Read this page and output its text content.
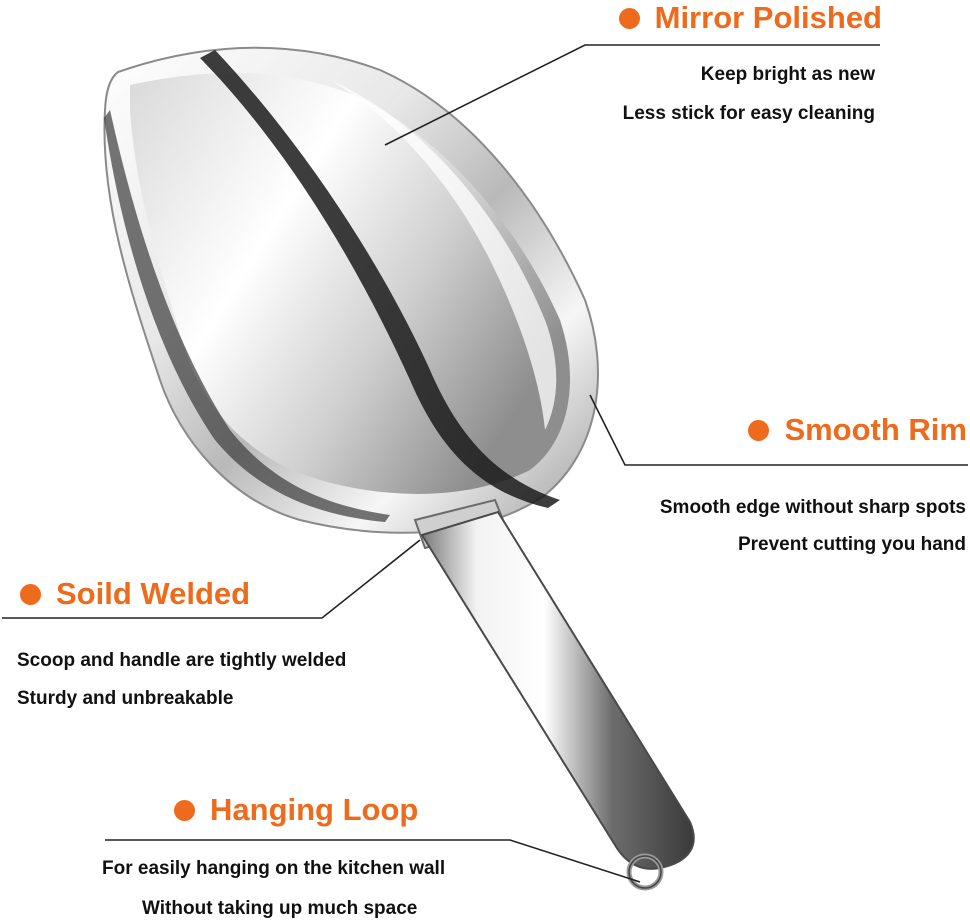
Mirror Polished
Keep bright as new
Less stick for easy cleaning
Smooth Rim
Smooth edge without sharp spots
Prevent cutting you hand
Soild Welded
Scoop and handle are tightly welded
Sturdy and unbreakable
Hanging Loop
For easily hanging on the kitchen wall
Without taking up much space
